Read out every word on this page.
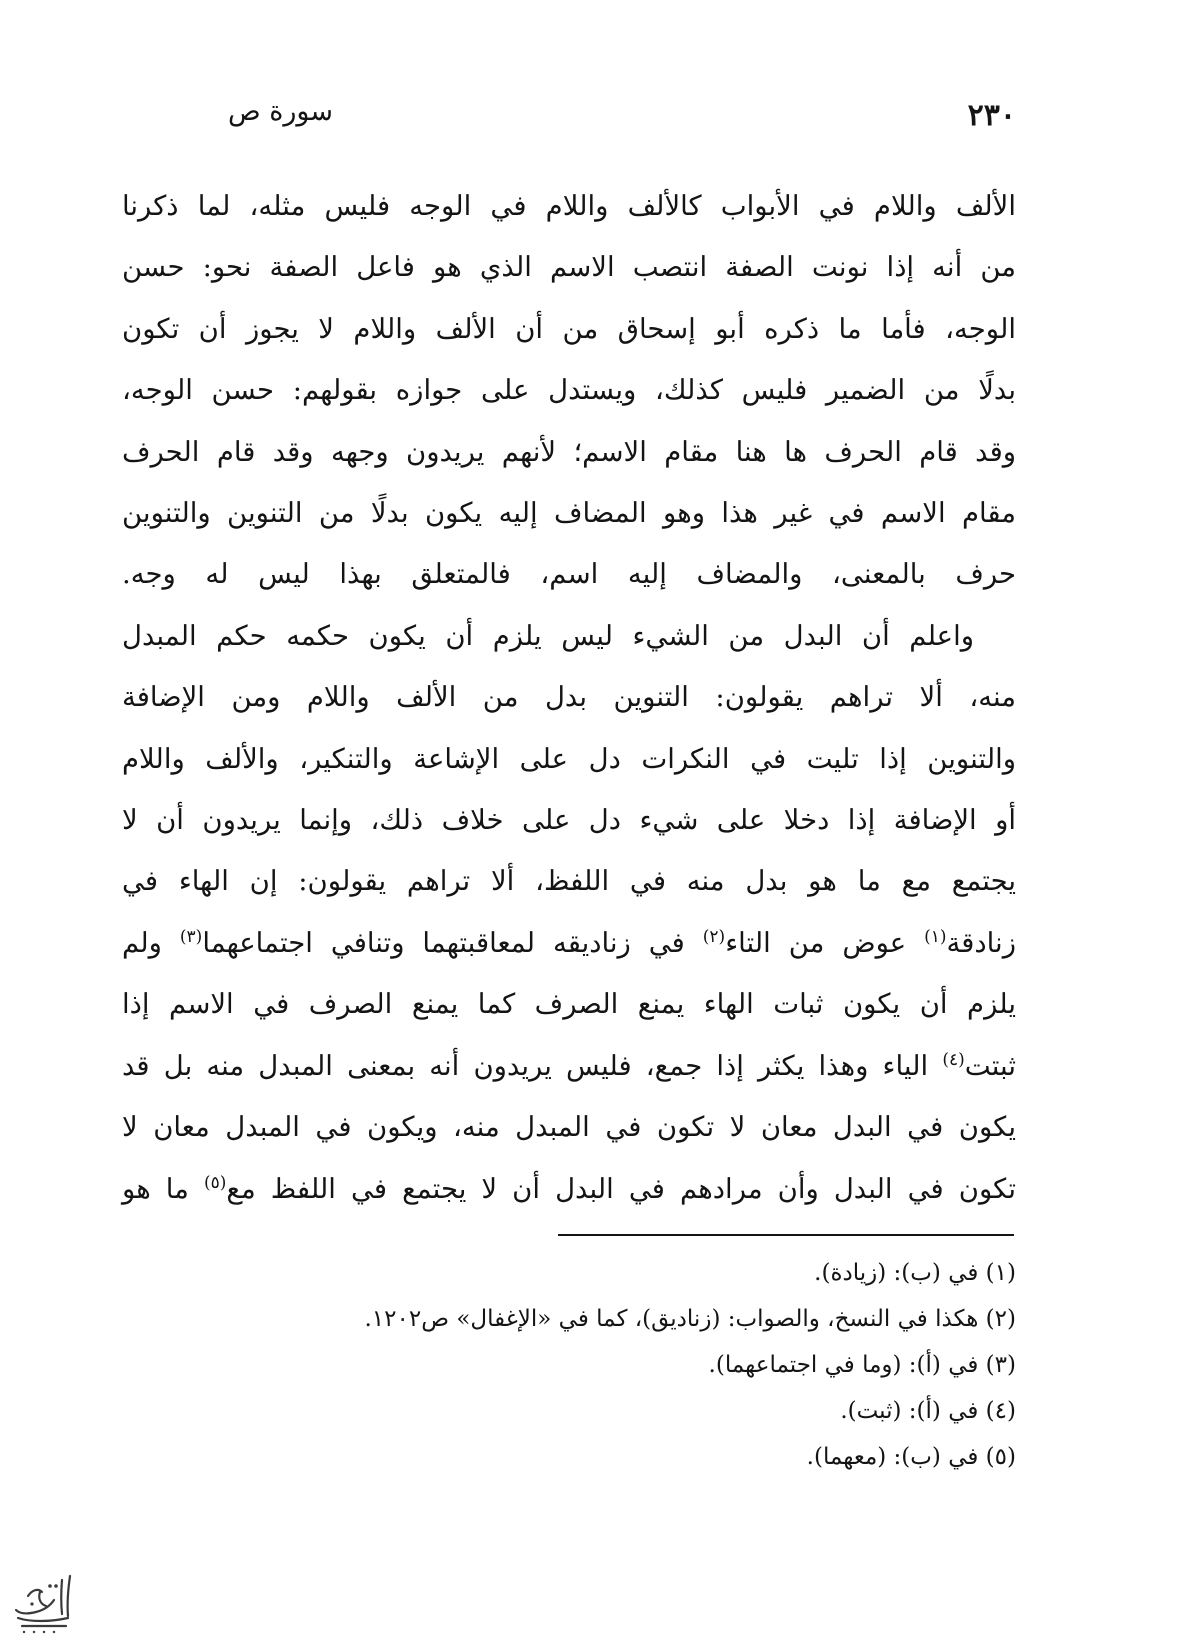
سورة ص	٢٣٠

الألف واللام في الأبواب كالألف واللام في الوجه فليس مثله، لما ذكرنا
من أنه إذا نونت الصفة انتصب الاسم الذي هو فاعل الصفة نحو: حسن
الوجه، فأما ما ذكره أبو إسحاق من أن الألف واللام لا يجوز أن تكون
بدلًا من الضمير فليس كذلك، ويستدل على جوازه بقولهم: حسن الوجه،
وقد قام الحرف ها هنا مقام الاسم؛ لأنهم يريدون وجهه وقد قام الحرف
مقام الاسم في غير هذا وهو المضاف إليه يكون بدلًا من التنوين والتنوين
حرف بالمعنى، والمضاف إليه اسم، فالمتعلق بهذا ليس له وجه.

واعلم أن البدل من الشيء ليس يلزم أن يكون حكمه حكم المبدل
منه، ألا تراهم يقولون: التنوين بدل من الألف واللام ومن الإضافة
والتنوين إذا تليت في النكرات دل على الإشاعة والتنكير، والألف واللام
أو الإضافة إذا دخلا على شيء دل على خلاف ذلك، وإنما يريدون أن لا
يجتمع مع ما هو بدل منه في اللفظ، ألا تراهم يقولون: إن الهاء في
زنادقة$^{(١)}$ عوض من التاء$^{(٢)}$ في زناديقه لمعاقبتهما وتنافي اجتماعهما$^{(٣)}$ ولم
يلزم أن يكون ثبات الهاء يمنع الصرف كما يمنع الصرف في الاسم إذا
ثبتت$^{(٤)}$ الياء وهذا يكثر إذا جمع، فليس يريدون أنه بمعنى المبدل منه بل قد
يكون في البدل معان لا تكون في المبدل منه، ويكون في المبدل معان لا
تكون في البدل وأن مرادهم في البدل أن لا يجتمع في اللفظ مع$^{(٥)}$ ما هو

(١) في (ب): (زيادة).

(٢) هكذا في النسخ، والصواب: (زناديق)، كما في «الإغفال» ص١٢٠٢.

(٣) في (أ): (وما في اجتماعهما).

(٤) في (أ): (ثبت).

(٥) في (ب): (معهما).
